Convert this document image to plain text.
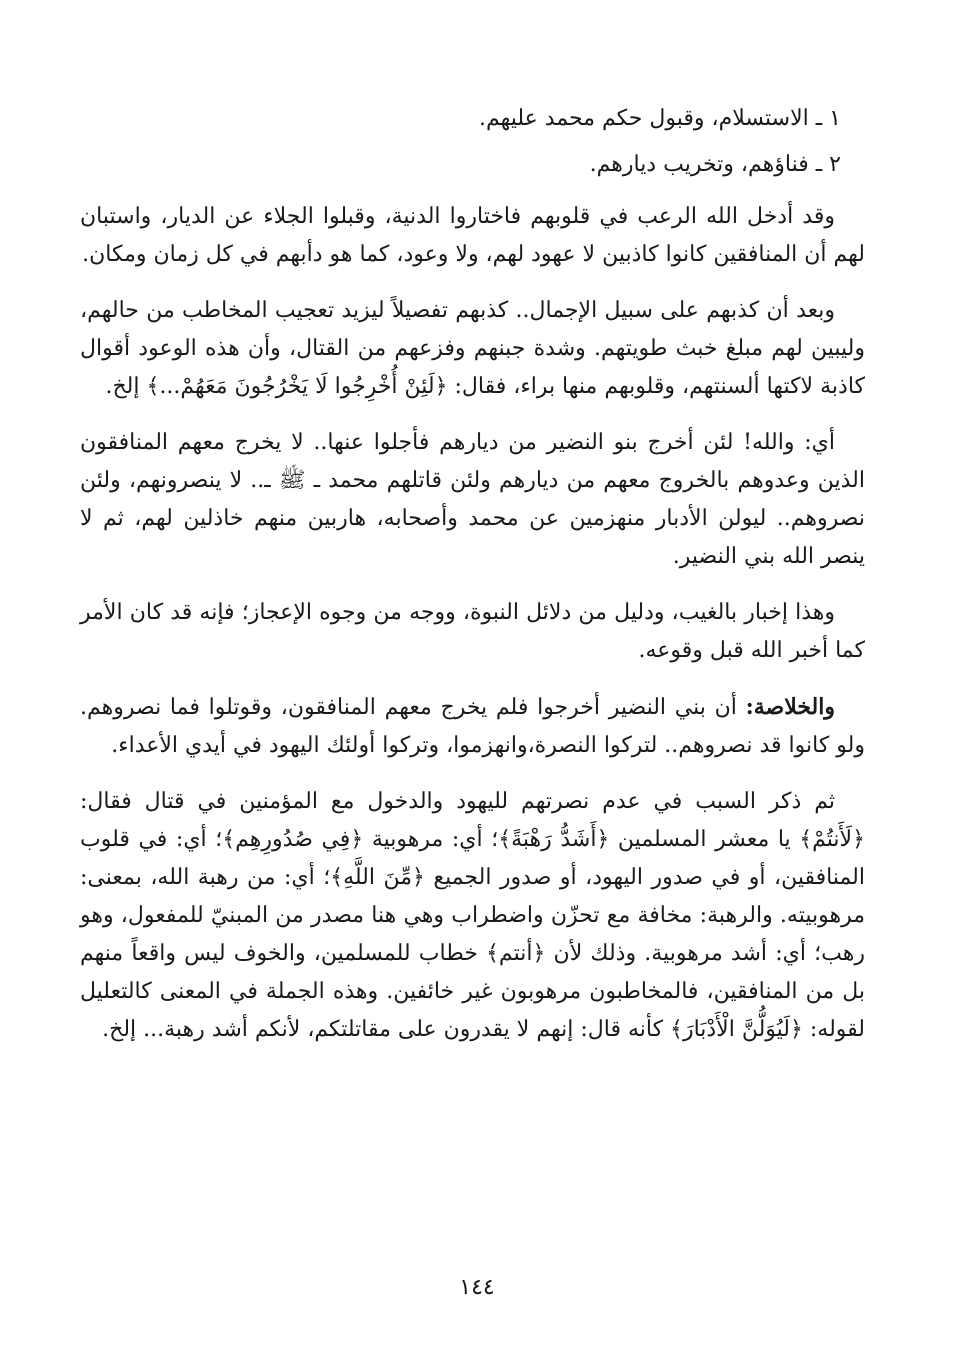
١ ـ الاستسلام، وقبول حكم محمد عليهم.
٢ ـ فناؤهم، وتخريب ديارهم.

وقد أدخل الله الرعب في قلوبهم فاختاروا الدنية، وقبلوا الجلاء عن الديار، واستبان لهم أن المنافقين كانوا كاذبين لا عهود لهم، ولا وعود، كما هو دأبهم في كل زمان ومكان.

وبعد أن كذبهم على سبيل الإجمال.. كذبهم تفصيلاً ليزيد تعجيب المخاطب من حالهم، وليبين لهم مبلغ خبث طويتهم. وشدة جبنهم وفزعهم من القتال، وأن هذه الوعود أقوال كاذبة لاكتها ألسنتهم، وقلوبهم منها براء، فقال: ﴿لَئِنْ أُخْرِجُوا لَا يَخْرُجُونَ مَعَهُمْ...﴾ إلخ.

أي: والله! لئن أخرج بنو النضير من ديارهم فأجلوا عنها.. لا يخرج معهم المنافقون الذين وعدوهم بالخروج معهم من ديارهم ولئن قاتلهم محمد ـ ﷺ ـ.. لا ينصرونهم، ولئن نصروهم.. ليولن الأدبار منهزمين عن محمد وأصحابه، هاربين منهم خاذلين لهم، ثم لا ينصر الله بني النضير.

وهذا إخبار بالغيب، ودليل من دلائل النبوة، ووجه من وجوه الإعجاز؛ فإنه قد كان الأمر كما أخبر الله قبل وقوعه.

والخلاصة: أن بني النضير أخرجوا فلم يخرج معهم المنافقون، وقوتلوا فما نصروهم. ولو كانوا قد نصروهم.. لتركوا النصرة،وانهزموا، وتركوا أولئك اليهود في أيدي الأعداء.

ثم ذكر السبب في عدم نصرتهم لليهود والدخول مع المؤمنين في قتال فقال: ﴿لَأَنتُمْ﴾ يا معشر المسلمين ﴿أَشَدُّ رَهْبَةً﴾؛ أي: مرهوبية ﴿فِي صُدُورِهِم﴾؛ أي: في قلوب المنافقين، أو في صدور اليهود، أو صدور الجميع ﴿مِّنَ اللَّهِ﴾؛ أي: من رهبة الله، بمعنى: مرهوبيته. والرهبة: مخافة مع تحزّن واضطراب وهي هنا مصدر من المبنيّ للمفعول، وهو رهب؛ أي: أشد مرهوبية. وذلك لأن ﴿أنتم﴾ خطاب للمسلمين، والخوف ليس واقعاً منهم بل من المنافقين، فالمخاطبون مرهوبون غير خائفين. وهذه الجملة في المعنى كالتعليل لقوله: ﴿لَيُوَلُّنَّ الْأَدْبَارَ﴾ كأنه قال: إنهم لا يقدرون على مقاتلتكم، لأنكم أشد رهبة... إلخ.

١٤٤
